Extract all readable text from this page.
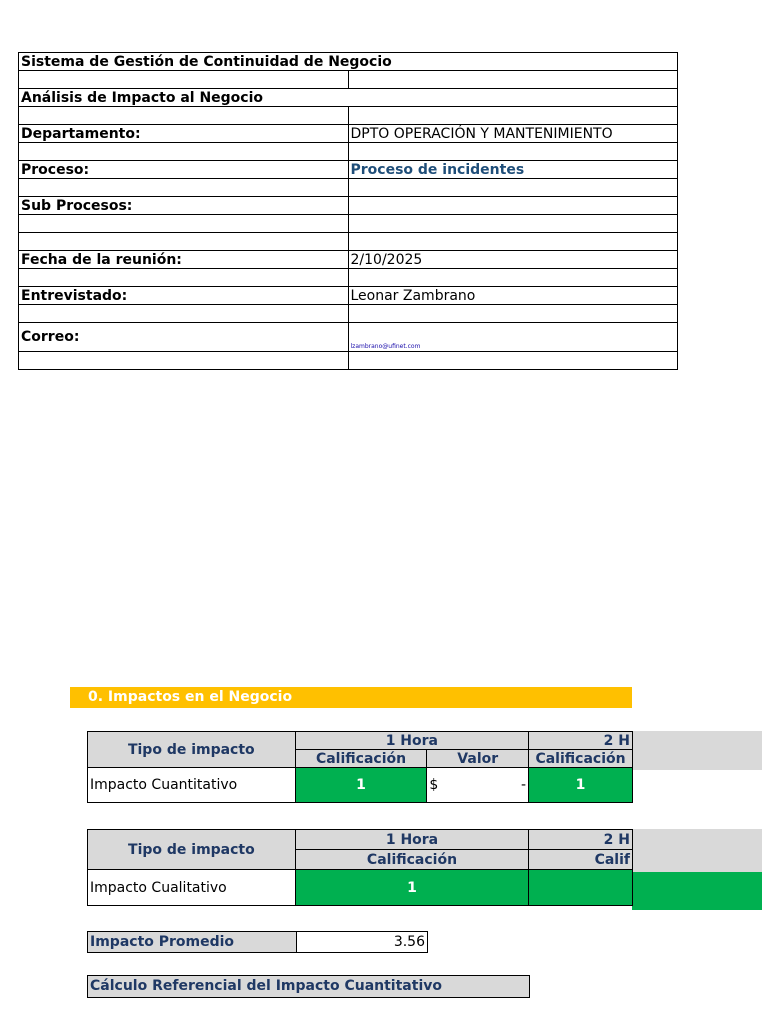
Sistema de Gestión de Continuidad de Negocio	

Análisis de Impacto al Negocio	

Departamento:	DPTO OPERACIÓN Y MANTENIMIENTO

Proceso:	Proceso de incidentes

Sub Procesos:	

Fecha de la reunión:	2/10/2025

Entrevistado:	Leonar Zambrano

Correo:	lzambrano@ufinet.com

0. Impactos en el Negocio
Tipo de impacto	1 Hora		2 H
	Calificación	Valor	Calificación
Impacto Cuantitativo	1	$ -	1
Tipo de impacto	1 Hora	2 H
	Calificación	Calif
Impacto Cualitativo	1	
Impacto Promedio	3.56
Cálculo Referencial del Impacto Cuantitativo
